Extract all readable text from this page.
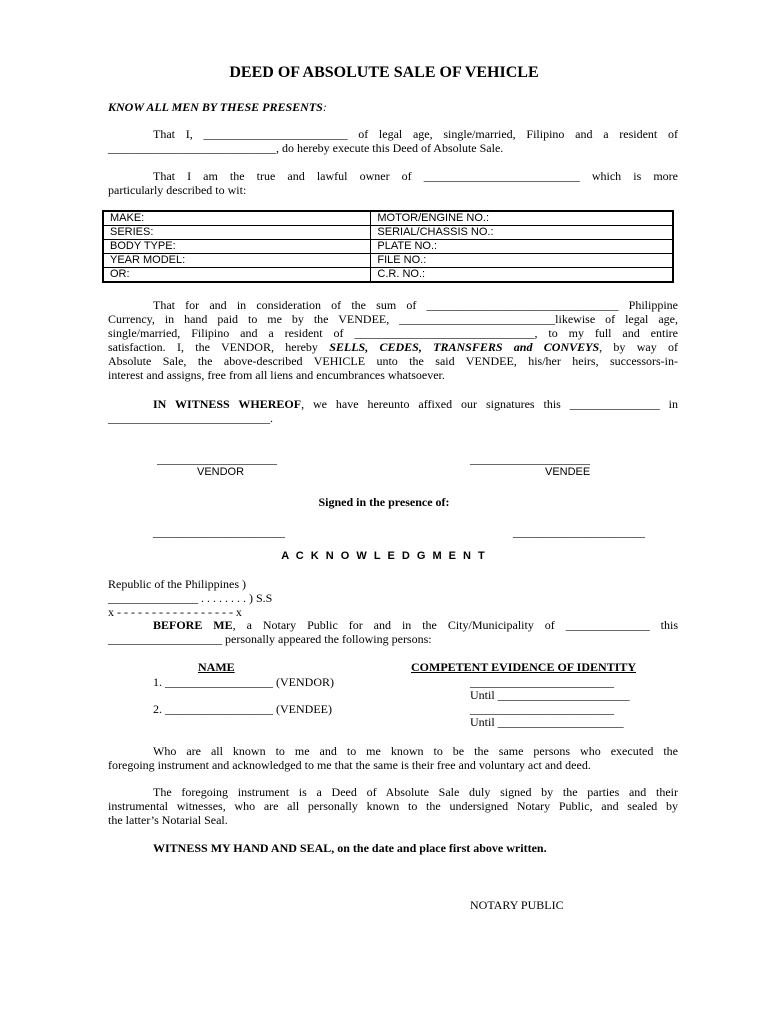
DEED OF ABSOLUTE SALE OF VEHICLE
KNOW ALL MEN BY THESE PRESENTS:
That I, ________________________ of legal age, single/married, Filipino and a resident of
____________________________, do hereby execute this Deed of Absolute Sale.
That I am the true and lawful owner of __________________________ which is more
particularly described to wit:
MAKE:	MOTOR/ENGINE NO.:
SERIES:	SERIAL/CHASSIS NO.:
BODY TYPE:	PLATE NO.:
YEAR MODEL:	FILE NO.:
OR:	C.R. NO.:
That for and in consideration of the sum of ________________________________ Philippine
Currency, in hand paid to me by the VENDEE, __________________________likewise of legal age,
single/married, Filipino and a resident of ______________________________, to my full and entire
satisfaction. I, the VENDOR, hereby SELLS, CEDES, TRANSFERS and CONVEYS, by way of
Absolute Sale, the above-described VEHICLE unto the said VENDEE, his/her heirs, successors-in-
interest and assigns, free from all liens and encumbrances whatsoever.
IN WITNESS WHEREOF, we have hereunto affixed our signatures this _______________ in
___________________________.
____________________
VENDOR
____________________
VENDEE
Signed in the presence of:
______________________	______________________
A C K N O W L E D G M E N T
Republic of the Philippines )
_______________ . . . . . . . . ) S.S
x - - - - - - - - - - - - - - - - - x
BEFORE ME, a Notary Public for and in the City/Municipality of ______________ this
___________________ personally appeared the following persons:
NAME	COMPETENT EVIDENCE OF IDENTITY
1. __________________ (VENDOR)	________________________
Until ______________________
2. __________________ (VENDEE)	________________________
Until _____________________
Who are all known to me and to me known to be the same persons who executed the
foregoing instrument and acknowledged to me that the same is their free and voluntary act and deed.
The foregoing instrument is a Deed of Absolute Sale duly signed by the parties and their
instrumental witnesses, who are all personally known to the undersigned Notary Public, and sealed by
the latter’s Notarial Seal.
WITNESS MY HAND AND SEAL, on the date and place first above written.
NOTARY PUBLIC
